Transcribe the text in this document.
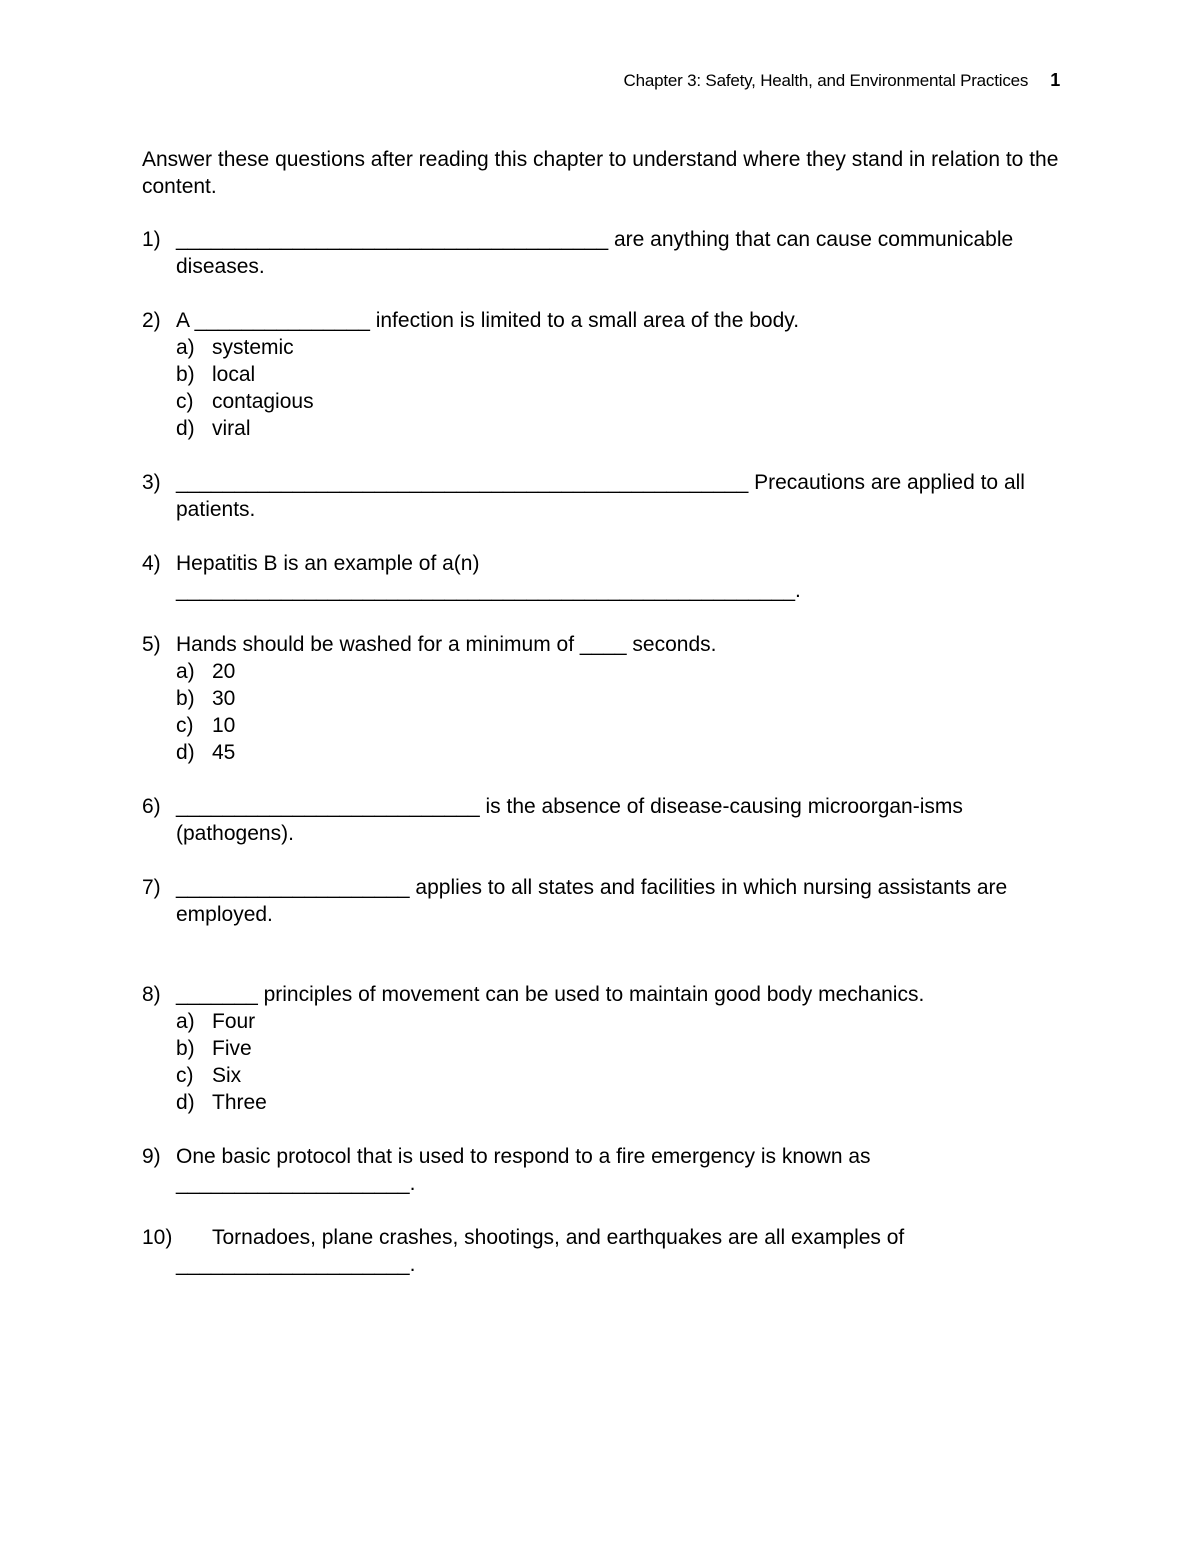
Chapter 3: Safety, Health, and Environmental Practices 1

Answer these questions after reading this chapter to understand where they stand in relation to the content.

1) _____________________________________ are anything that can cause communicable diseases.
2) A _______________ infection is limited to a small area of the body.
a) systemic
b) local
c) contagious
d) viral
3) _________________________________________________ Precautions are applied to all patients.
4) Hepatitis B is an example of a(n) _____________________________________________________.
5) Hands should be washed for a minimum of ____ seconds.
a) 20
b) 30
c) 10
d) 45
6) __________________________ is the absence of disease-causing microorgan-isms (pathogens).
7) ____________________ applies to all states and facilities in which nursing assistants are employed.
8) _______ principles of movement can be used to maintain good body mechanics.
a) Four
b) Five
c) Six
d) Three
9) One basic protocol that is used to respond to a fire emergency is known as ____________________.
10)	Tornadoes, plane crashes, shootings, and earthquakes are all examples of ____________________.
